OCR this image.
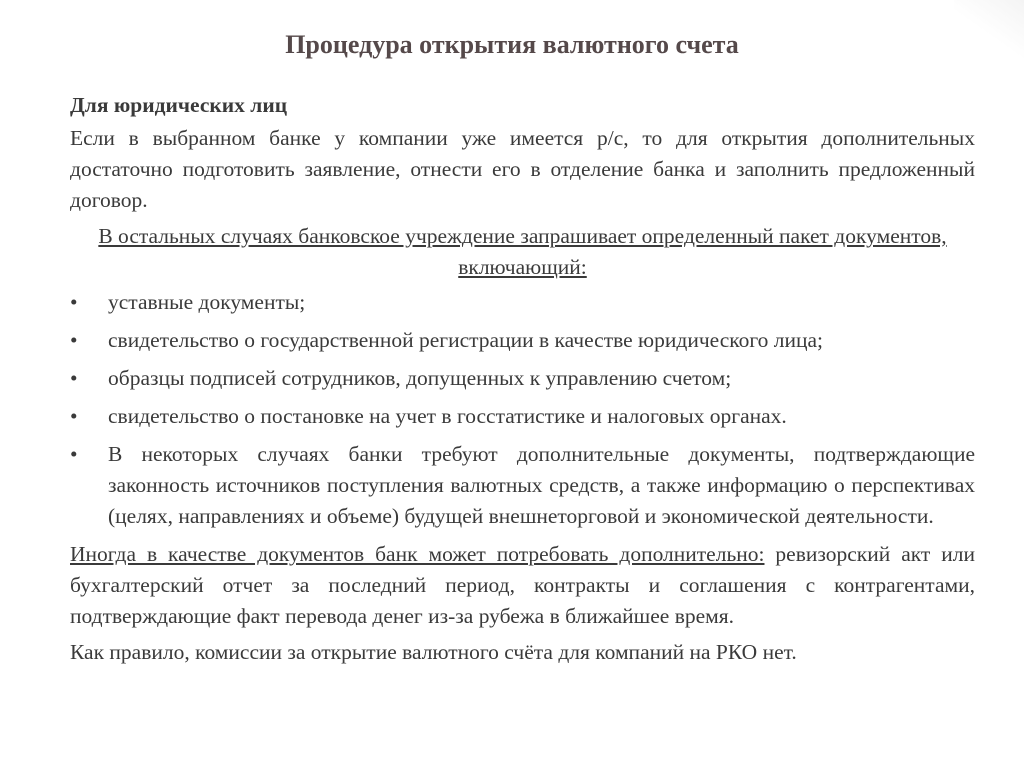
Процедура открытия валютного счета
Для юридических лиц
Если в выбранном банке у компании уже имеется р/с, то для открытия дополнительных достаточно подготовить заявление, отнести его в отделение банка и заполнить предложенный договор.
В остальных случаях банковское учреждение запрашивает определенный пакет документов, включающий:
•	уставные документы;
•	свидетельство о государственной регистрации в качестве юридического лица;
•	образцы подписей сотрудников, допущенных к управлению счетом;
•	свидетельство о постановке на учет в госстатистике и налоговых органах.
•	В некоторых случаях банки требуют дополнительные документы, подтверждающие законность источников поступления валютных средств, а также информацию о перспективах (целях, направлениях и объеме) будущей внешнеторговой и экономической деятельности.
Иногда в качестве документов банк может потребовать дополнительно: ревизорский акт или бухгалтерский отчет за последний период, контракты и соглашения с контрагентами, подтверждающие факт перевода денег из-за рубежа в ближайшее время.
Как правило, комиссии за открытие валютного счёта для компаний на РКО нет.
